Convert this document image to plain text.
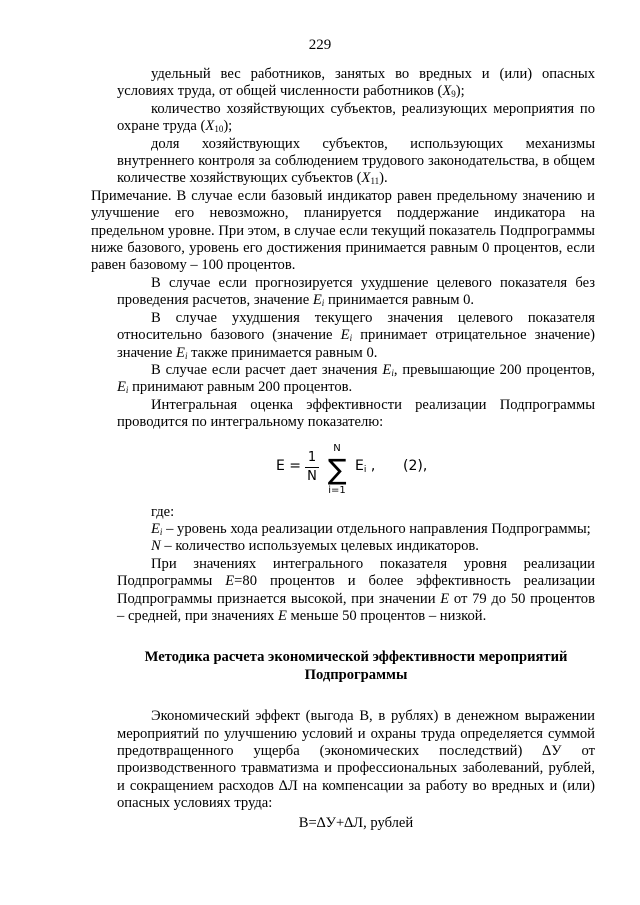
229

удельный вес работников, занятых во вредных и (или) опасных условиях труда, от общей численности работников $(X_9)$;

количество хозяйствующих субъектов, реализующих мероприятия по охране труда $(X_{10})$;

доля хозяйствующих субъектов, использующих механизмы внутреннего контроля за соблюдением трудового законодательства, в общем количестве хозяйствующих субъектов $(X_{11})$.

Примечание. В случае если базовый индикатор равен предельному значению и улучшение его невозможно, планируется поддержание индикатора на предельном уровне. При этом, в случае если текущий показатель Подпрограммы ниже базового, уровень его достижения принимается равным 0 процентов, если равен базовому – 100 процентов.

В случае если прогнозируется ухудшение целевого показателя без проведения расчетов, значение $E_i$ принимается равным 0.

В случае ухудшения текущего значения целевого показателя относительно базового (значение $E_i$ принимает отрицательное значение) значение $E_i$ также принимается равным 0.

В случае если расчет дает значения $E_i$, превышающие 200 процентов, $E_i$ принимают равным 200 процентов.

Интегральная оценка эффективности реализации Подпрограммы проводится по интегральному показателю:

E =
1
N
N
∑
i=1
$E_i$ , (2),

где:

$E_i$ – уровень хода реализации отдельного направления Подпрограммы;

N – количество используемых целевых индикаторов.

При значениях интегрального показателя уровня реализации Подпрограммы E=80 процентов и более эффективность реализации Подпрограммы признается высокой, при значении E от 79 до 50 процентов – средней, при значениях E меньше 50 процентов – низкой.

Методика расчета экономической эффективности мероприятий Подпрограммы

Экономический эффект (выгода В, в рублях) в денежном выражении мероприятий по улучшению условий и охраны труда определяется суммой предотвращенного ущерба (экономических последствий) ∆У от производственного травматизма и профессиональных заболеваний, рублей, и сокращением расходов ∆Л на компенсации за работу во вредных и (или) опасных условиях труда:

В=∆У+∆Л, рублей
